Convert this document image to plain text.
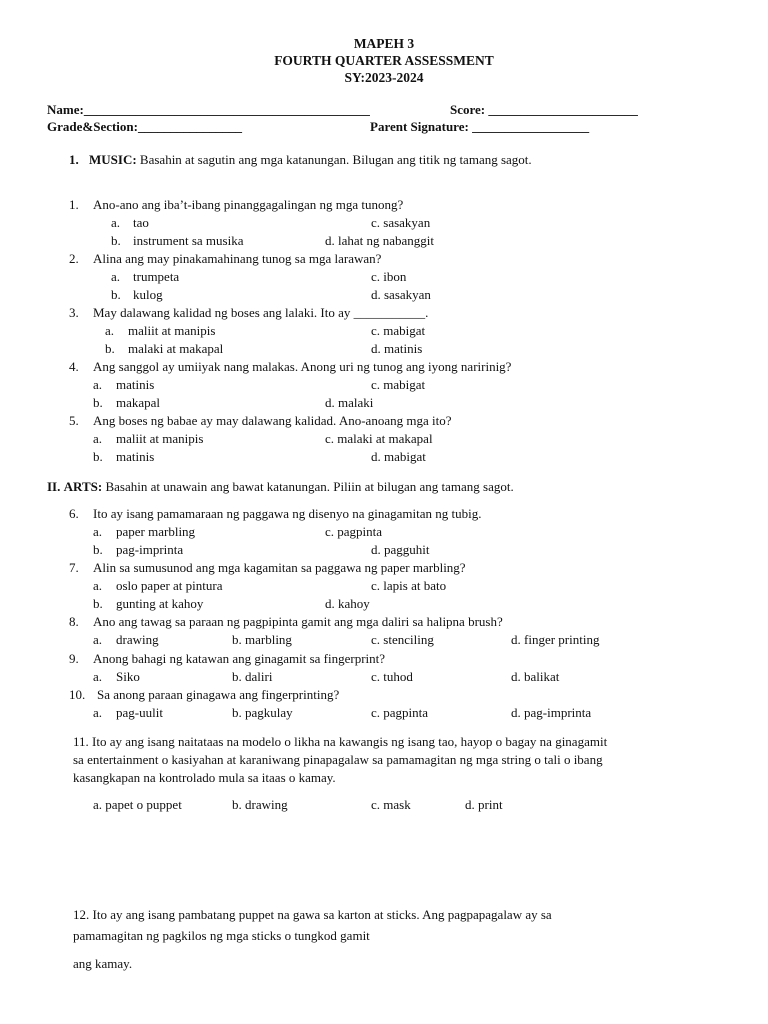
MAPEH 3
FOURTH QUARTER ASSESSMENT
SY:2023-2024
Name:____________________________________________	Score: _______________________
Grade&Section:________________	Parent Signature: __________________
1. MUSIC: Basahin at sagutin ang mga katanungan. Bilugan ang titik ng tamang sagot.
1. Ano-ano ang iba’t-ibang pinanggagalingan ng mga tunong?
a. tao	c. sasakyan
b. instrument sa musika	d. lahat ng nabanggit
2. Alina ang may pinakamahinang tunog sa mga larawan?
a. trumpeta	c. ibon
b. kulog	d. sasakyan
3. May dalawang kalidad ng boses ang lalaki. Ito ay ___________.
a. maliit at manipis	c. mabigat
b. malaki at makapal	d. matinis
4. Ang sanggol ay umiiyak nang malakas. Anong uri ng tunog ang iyong naririnig?
a. matinis	c. mabigat
b. makapal	d. malaki
5. Ang boses ng babae ay may dalawang kalidad. Ano-anoang mga ito?
a. maliit at manipis	c. malaki at makapal
b. matinis	d. mabigat
II. ARTS: Basahin at unawain ang bawat katanungan. Piliin at bilugan ang tamang sagot.
6. Ito ay isang pamamaraan ng paggawa ng disenyo na ginagamitan ng tubig.
a. paper marbling	c. pagpinta
b. pag-imprinta	d. pagguhit
7. Alin sa sumusunod ang mga kagamitan sa paggawa ng paper marbling?
a. oslo paper at pintura	c. lapis at bato
b. gunting at kahoy	d. kahoy
8. Ano ang tawag sa paraan ng pagpipinta gamit ang mga daliri sa halipna brush?
a. drawing	b. marbling	c. stenciling	d. finger printing
9. Anong bahagi ng katawan ang ginagamit sa fingerprint?
a. Siko	b. daliri	c. tuhod	d. balikat
10. Sa anong paraan ginagawa ang fingerprinting?
a. pag-uulit	b. pagkulay	c. pagpinta	d. pag-imprinta
11. Ito ay ang isang naitataas na modelo o likha na kawangis ng isang tao, hayop o bagay na ginagamit
sa entertainment o kasiyahan at karaniwang pinapagalaw sa pamamagitan ng mga string o tali o ibang
kasangkapan na kontrolado mula sa itaas o kamay.
a. papet o puppet	b. drawing	c. mask	d. print
12. Ito ay ang isang pambatang puppet na gawa sa karton at sticks. Ang pagpapagalaw ay sa
pamamagitan ng pagkilos ng mga sticks o tungkod gamit
ang kamay.
